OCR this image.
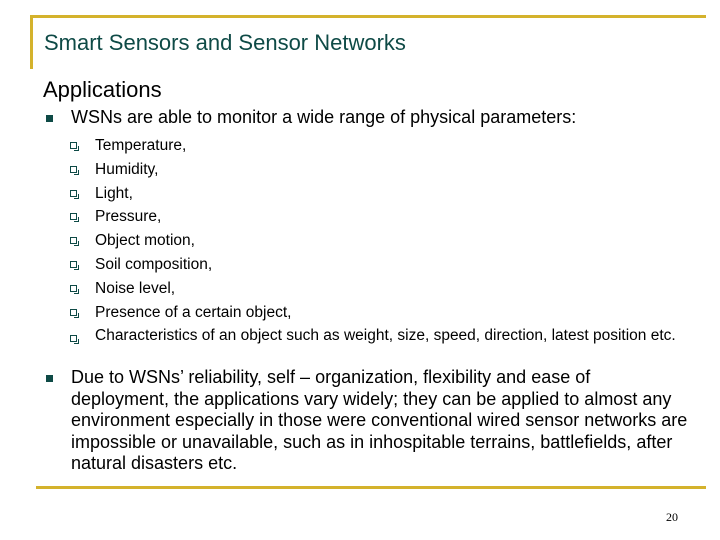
Smart Sensors and Sensor Networks
Applications
WSNs are able to monitor a wide range of physical parameters:
Temperature,
Humidity,
Light,
Pressure,
Object motion,
Soil composition,
Noise level,
Presence of a certain object,
Characteristics of an object such as weight, size, speed, direction, latest position etc.
Due to WSNs’ reliability, self – organization, flexibility and ease of deployment, the applications vary widely; they can be applied to almost any environment especially in those were conventional wired sensor networks are impossible or unavailable, such as in inhospitable terrains, battlefields, after natural disasters etc.
20
